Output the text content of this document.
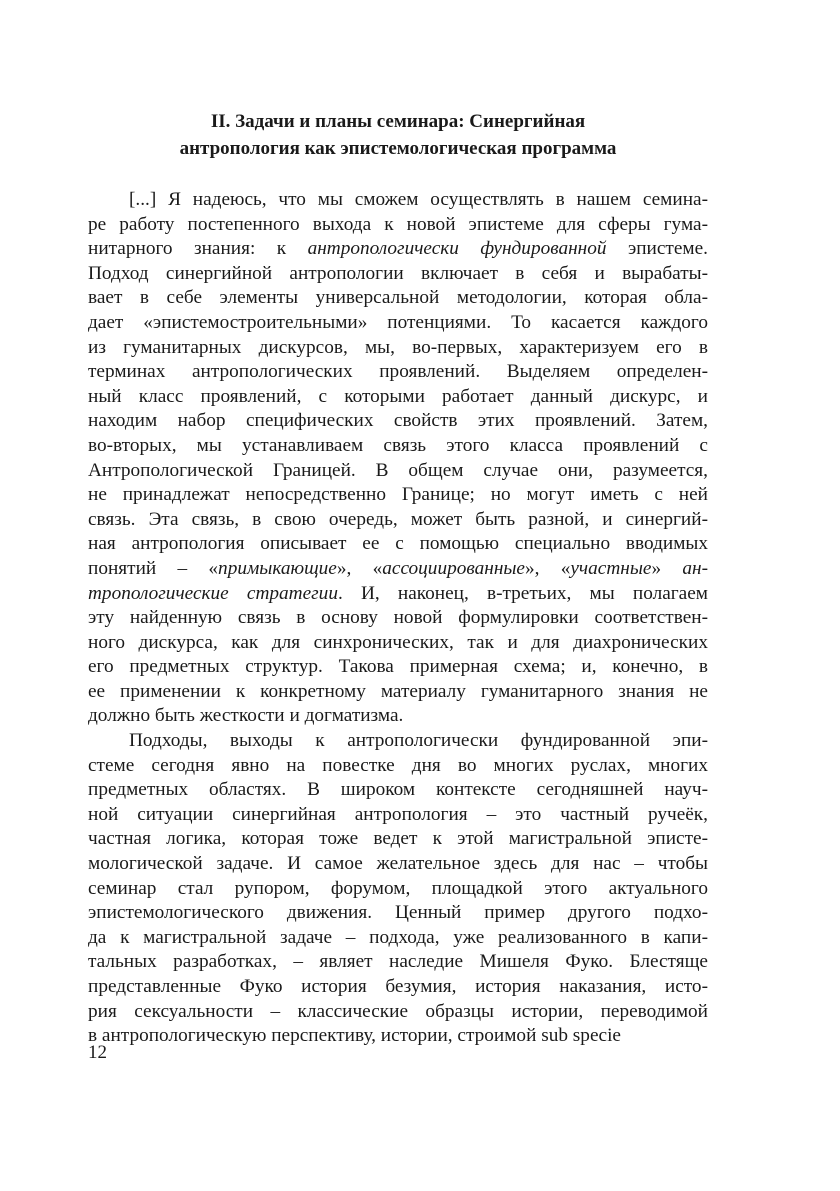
II. Задачи и планы семинара: Синергийная
антропология как эпистемологическая программа

[...] Я надеюсь, что мы сможем осуществлять в нашем семина-
ре работу постепенного выхода к новой эпистеме для сферы гума-
нитарного знания: к антропологически фундированной эпистеме.
Подход синергийной антропологии включает в себя и вырабаты-
вает в себе элементы универсальной методологии, которая обла-
дает «эпистемостроительными» потенциями. То касается каждого
из гуманитарных дискурсов, мы, во-первых, характеризуем его в
терминах антропологических проявлений. Выделяем определен-
ный класс проявлений, с которыми работает данный дискурс, и
находим набор специфических свойств этих проявлений. Затем,
во-вторых, мы устанавливаем связь этого класса проявлений с
Антропологической Границей. В общем случае они, разумеется,
не принадлежат непосредственно Границе; но могут иметь с ней
связь. Эта связь, в свою очередь, может быть разной, и синергий-
ная антропология описывает ее с помощью специально вводимых
понятий – «примыкающие», «ассоциированные», «участные» ан-
тропологические стратегии. И, наконец, в-третьих, мы полагаем
эту найденную связь в основу новой формулировки соответствен-
ного дискурса, как для синхронических, так и для диахронических
его предметных структур. Такова примерная схема; и, конечно, в
ее применении к конкретному материалу гуманитарного знания не
должно быть жесткости и догматизма.

Подходы, выходы к антропологически фундированной эпи-
стеме сегодня явно на повестке дня во многих руслах, многих
предметных областях. В широком контексте сегодняшней науч-
ной ситуации синергийная антропология – это частный ручеёк,
частная логика, которая тоже ведет к этой магистральной эписте-
мологической задаче. И самое желательное здесь для нас – чтобы
семинар стал рупором, форумом, площадкой этого актуального
эпистемологического движения. Ценный пример другого подхо-
да к магистральной задаче – подхода, уже реализованного в капи-
тальных разработках, – являет наследие Мишеля Фуко. Блестяще
представленные Фуко история безумия, история наказания, исто-
рия сексуальности – классические образцы истории, переводимой
в антропологическую перспективу, истории, строимой sub specie

12
